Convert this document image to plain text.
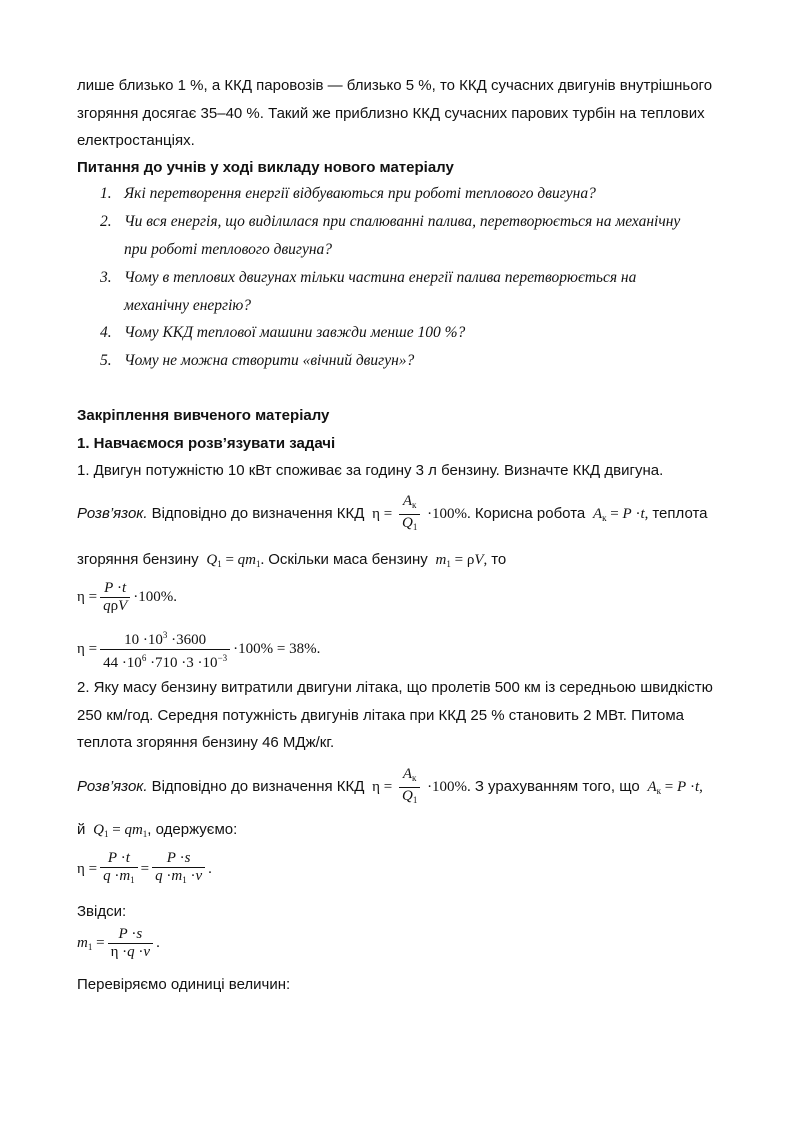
лише близько 1 %, а ККД паровозів — близько 5 %, то ККД сучасних двигунів внутрішнього
згоряння досягає 35–40 %. Такий же приблизно ККД сучасних парових турбін на теплових
електростанціях.
Питання до учнів у ході викладу нового матеріалу
1. Які перетворення енергії відбуваються при роботі теплового двигуна?
2. Чи вся енергія, що виділилася при спалюванні палива, перетворюється на механічну
при роботі теплового двигуна?
3. Чому в теплових двигунах тільки частина енергії палива перетворюється на
механічну енергію?
4. Чому ККД теплової машини завжди менше 100 %?
5. Чому не можна створити «вічний двигун»?
Закріплення вивченого матеріалу
1. Навчаємося розв’язувати задачі
1. Двигун потужністю 10 кВт споживає за годину 3 л бензину. Визначте ККД двигуна.
Розв’язок. Відповідно до визначення ККД  $\eta = \frac{A_к}{Q_1} \cdot 100\%$. Корисна робота $A_к = P \cdot t$, теплота
згоряння бензину $Q_1 = qm_1$. Оскільки маса бензину $m_1 = \rho V$, то
$\eta = \frac{P \cdot t}{\text{qρV}} \cdot 100\%$.
$\eta = \frac{10 \cdot 10^3 \cdot 3600}{44 \cdot 10^6 \cdot 710 \cdot 3 \cdot 10^{-3}} \cdot 100\% = 38\%$.
2. Яку масу бензину витратили двигуни літака, що пролетів 500 км із середньою швидкістю
250 км/год. Середня потужність двигунів літака при ККД 25 % становить 2 МВт. Питома
теплота згоряння бензину 46 МДж/кг.
Розв’язок. Відповідно до визначення ККД  $\eta = \frac{A_к}{Q_1} \cdot 100\%$. З урахуванням того, що $A_к = P \cdot t$,
й $Q_1 = qm_1$, одержуємо:
$\eta = \frac{P \cdot t}{q \cdot m_1} = \frac{P \cdot s}{q \cdot m_1 \cdot v}$ .
Звідси:
$m_1 = \frac{P \cdot s}{\eta \cdot q \cdot v}$ .
Перевіряємо одиниці величин:
